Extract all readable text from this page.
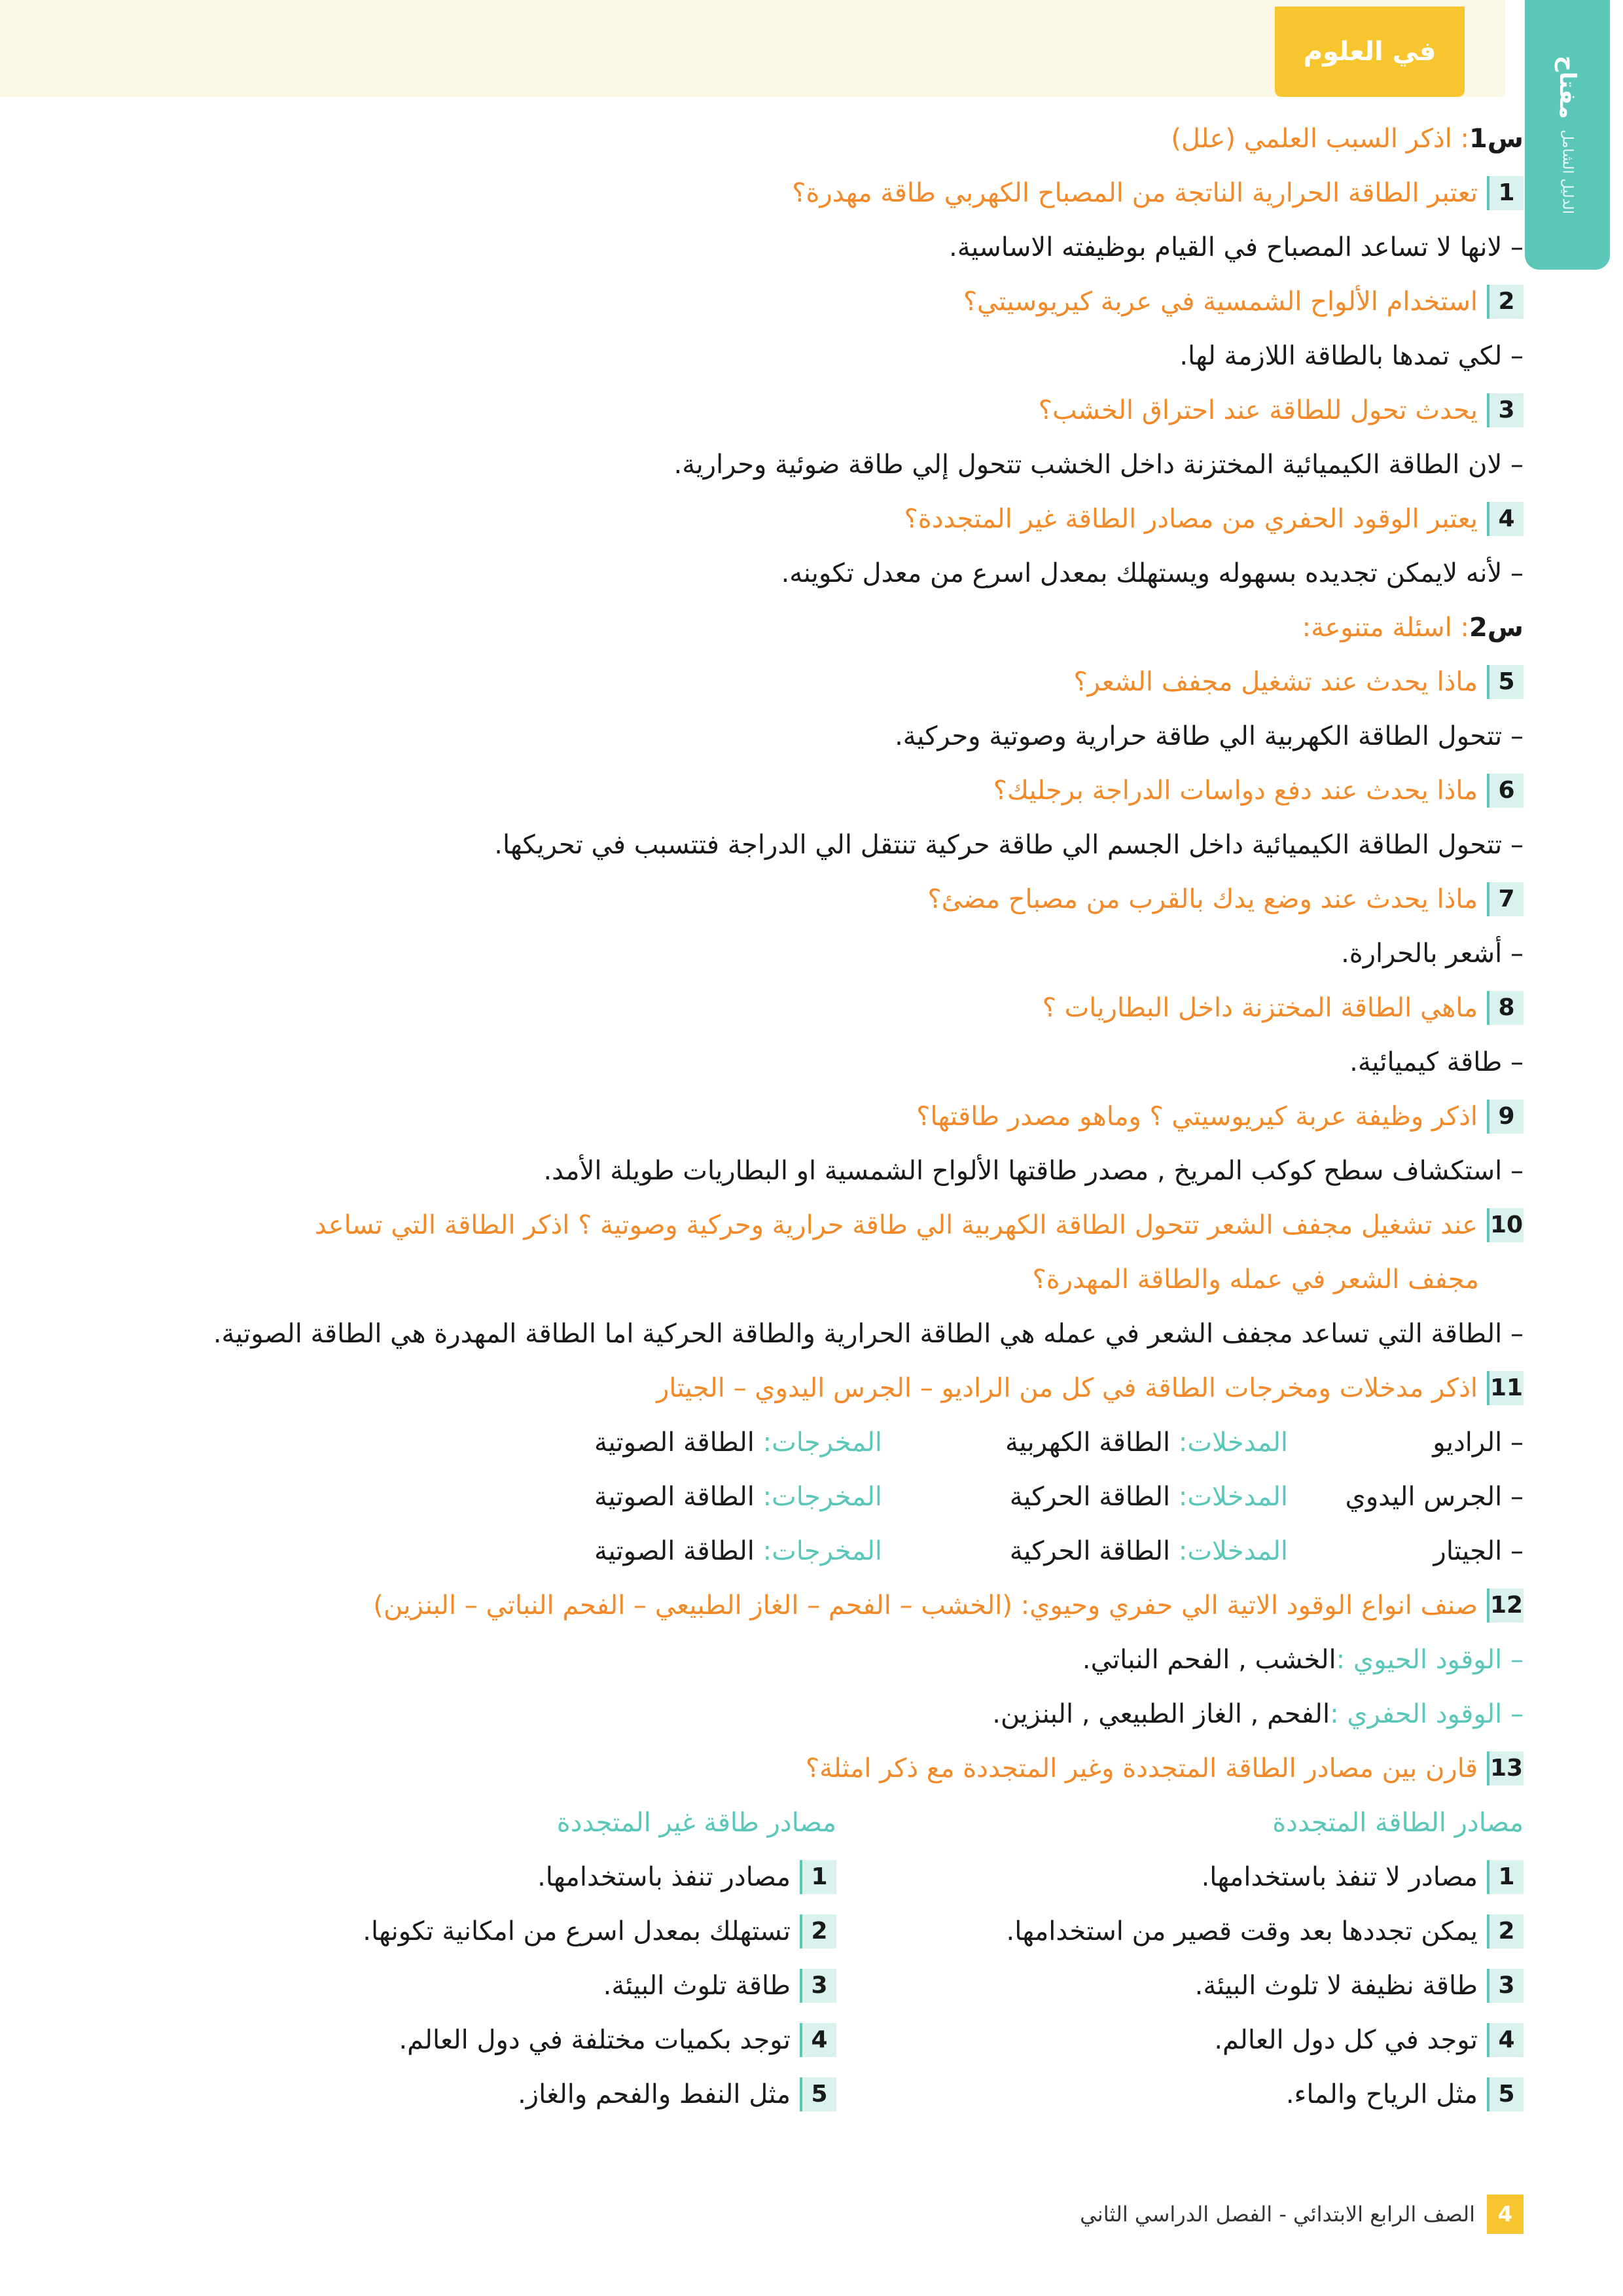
في العلوم
مفتاح
الدليل الشامل
س1
: اذكر السبب العلمي (علل)
1
تعتبر الطاقة الحرارية الناتجة من المصباح الكهربي طاقة مهدرة؟
– لانها لا تساعد المصباح في القيام بوظيفته الاساسية.
2
استخدام الألواح الشمسية في عربة كيريوسيتي؟
– لكي تمدها بالطاقة اللازمة لها.
3
يحدث تحول للطاقة عند احتراق الخشب؟
– لان الطاقة الكيميائية المختزنة داخل الخشب تتحول إلي طاقة ضوئية وحرارية.
4
يعتبر الوقود الحفري من مصادر الطاقة غير المتجددة؟
– لأنه لايمكن تجديده بسهوله ويستهلك بمعدل اسرع من معدل تكوينه.
س2
: اسئلة متنوعة:
5
ماذا يحدث عند تشغيل مجفف الشعر؟
– تتحول الطاقة الكهربية الي طاقة حرارية وصوتية وحركية.
6
ماذا يحدث عند دفع دواسات الدراجة برجليك؟
– تتحول الطاقة الكيميائية داخل الجسم الي طاقة حركية تنتقل الي الدراجة فتتسبب في تحريكها.
7
ماذا يحدث عند وضع يدك بالقرب من مصباح مضئ؟
– أشعر بالحرارة.
8
ماهي الطاقة المختزنة داخل البطاريات ؟
– طاقة كيميائية.
9
اذكر وظيفة عربة كيريوسيتي ؟ وماهو مصدر طاقتها؟
– استكشاف سطح كوكب المريخ , مصدر طاقتها الألواح الشمسية او البطاريات طويلة الأمد.
10
عند تشغيل مجفف الشعر تتحول الطاقة الكهربية الي طاقة حرارية وحركية وصوتية ؟ اذكر الطاقة التي تساعد
مجفف الشعر في عمله والطاقة المهدرة؟
– الطاقة التي تساعد مجفف الشعر في عمله هي الطاقة الحرارية والطاقة الحركية اما الطاقة المهدرة هي الطاقة الصوتية.
11
اذكر مدخلات ومخرجات الطاقة في كل من الراديو – الجرس اليدوي – الجيتار
– الراديو
المدخلات: الطاقة الكهربية
المخرجات: الطاقة الصوتية
– الجرس اليدوي
المدخلات: الطاقة الحركية
المخرجات: الطاقة الصوتية
– الجيتار
المدخلات: الطاقة الحركية
المخرجات: الطاقة الصوتية
12
صنف انواع الوقود الاتية الي حفري وحيوي: (الخشب – الفحم – الغاز الطبيعي – الفحم النباتي – البنزين)
– الوقود الحيوي :
الخشب , الفحم النباتي.
– الوقود الحفري :
الفحم , الغاز الطبيعي , البنزين.
13
قارن بين مصادر الطاقة المتجددة وغير المتجددة مع ذكر امثلة؟
مصادر الطاقة المتجددة
مصادر طاقة غير المتجددة
1
مصادر لا تنفذ باستخدامها.
1
مصادر تنفذ باستخدامها.
2
يمكن تجددها بعد وقت قصير من استخدامها.
2
تستهلك بمعدل اسرع من امكانية تكونها.
3
طاقة نظيفة لا تلوث البيئة.
3
طاقة تلوث البيئة.
4
توجد في كل دول العالم.
4
توجد بكميات مختلفة في دول العالم.
5
مثل الرياح والماء.
5
مثل النفط والفحم والغاز.
4
الصف الرابع الابتدائي - الفصل الدراسي الثاني
